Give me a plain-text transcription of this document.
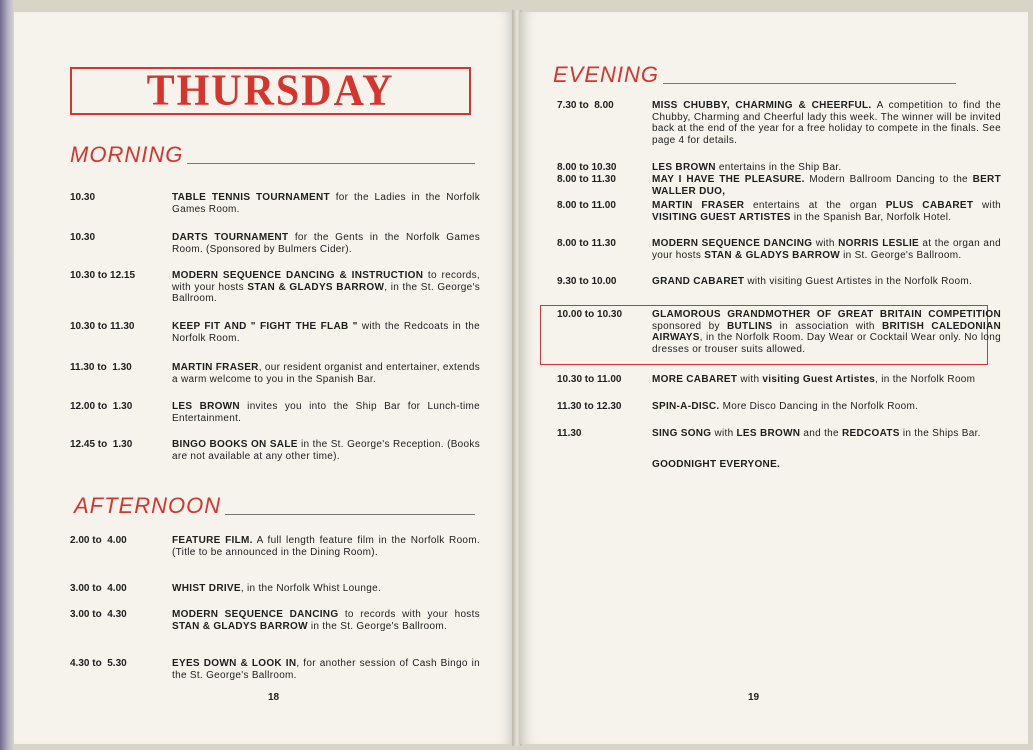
THURSDAY
MORNING
10.30	TABLE TENNIS TOURNAMENT for the Ladies in the Norfolk Games Room.
10.30	DARTS TOURNAMENT for the Gents in the Norfolk Games Room. (Sponsored by Bulmers Cider).
10.30 to 12.15	MODERN SEQUENCE DANCING & INSTRUCTION to records, with your hosts STAN & GLADYS BARROW, in the St. George's Ballroom.
10.30 to 11.30	KEEP FIT AND " FIGHT THE FLAB " with the Redcoats in the Norfolk Room.
11.30 to  1.30	MARTIN FRASER, our resident organist and entertainer, extends a warm welcome to you in the Spanish Bar.
12.00 to  1.30	LES BROWN invites you into the Ship Bar for Lunch-time Entertainment.
12.45 to  1.30	BINGO BOOKS ON SALE in the St. George's Reception. (Books are not available at any other time).
AFTERNOON
2.00 to  4.00	FEATURE FILM. A full length feature film in the Norfolk Room. (Title to be announced in the Dining Room).
3.00 to  4.00	WHIST DRIVE, in the Norfolk Whist Lounge.
3.00 to  4.30	MODERN SEQUENCE DANCING to records with your hosts STAN & GLADYS BARROW in the St. George's Ballroom.
4.30 to  5.30	EYES DOWN & LOOK IN, for another session of Cash Bingo in the St. George's Ballroom.
18
EVENING
7.30 to  8.00	MISS CHUBBY, CHARMING & CHEERFUL. A competition to find the Chubby, Charming and Cheerful lady this week. The winner will be invited back at the end of the year for a free holiday to compete in the finals. See page 4 for details.
8.00 to 10.30	LES BROWN entertains in the Ship Bar.
8.00 to 11.30	MAY I HAVE THE PLEASURE. Modern Ballroom Dancing to the BERT WALLER DUO,
8.00 to 11.00	MARTIN FRASER entertains at the organ PLUS CABARET with VISITING GUEST ARTISTES in the Spanish Bar, Norfolk Hotel.
8.00 to 11.30	MODERN SEQUENCE DANCING with NORRIS LESLIE at the organ and your hosts STAN & GLADYS BARROW in St. George's Ballroom.
9.30 to 10.00	GRAND CABARET with visiting Guest Artistes in the Norfolk Room.
10.00 to 10.30	GLAMOROUS GRANDMOTHER OF GREAT BRITAIN COMPETITION sponsored by BUTLINS in association with BRITISH CALEDONIAN AIRWAYS, in the Norfolk Room. Day Wear or Cocktail Wear only. No long dresses or trouser suits allowed.
10.30 to 11.00	MORE CABARET with visiting Guest Artistes, in the Norfolk Room
11.30 to 12.30	SPIN-A-DISC. More Disco Dancing in the Norfolk Room.
11.30	SING SONG with LES BROWN and the REDCOATS in the Ships Bar.
GOODNIGHT EVERYONE.
19
